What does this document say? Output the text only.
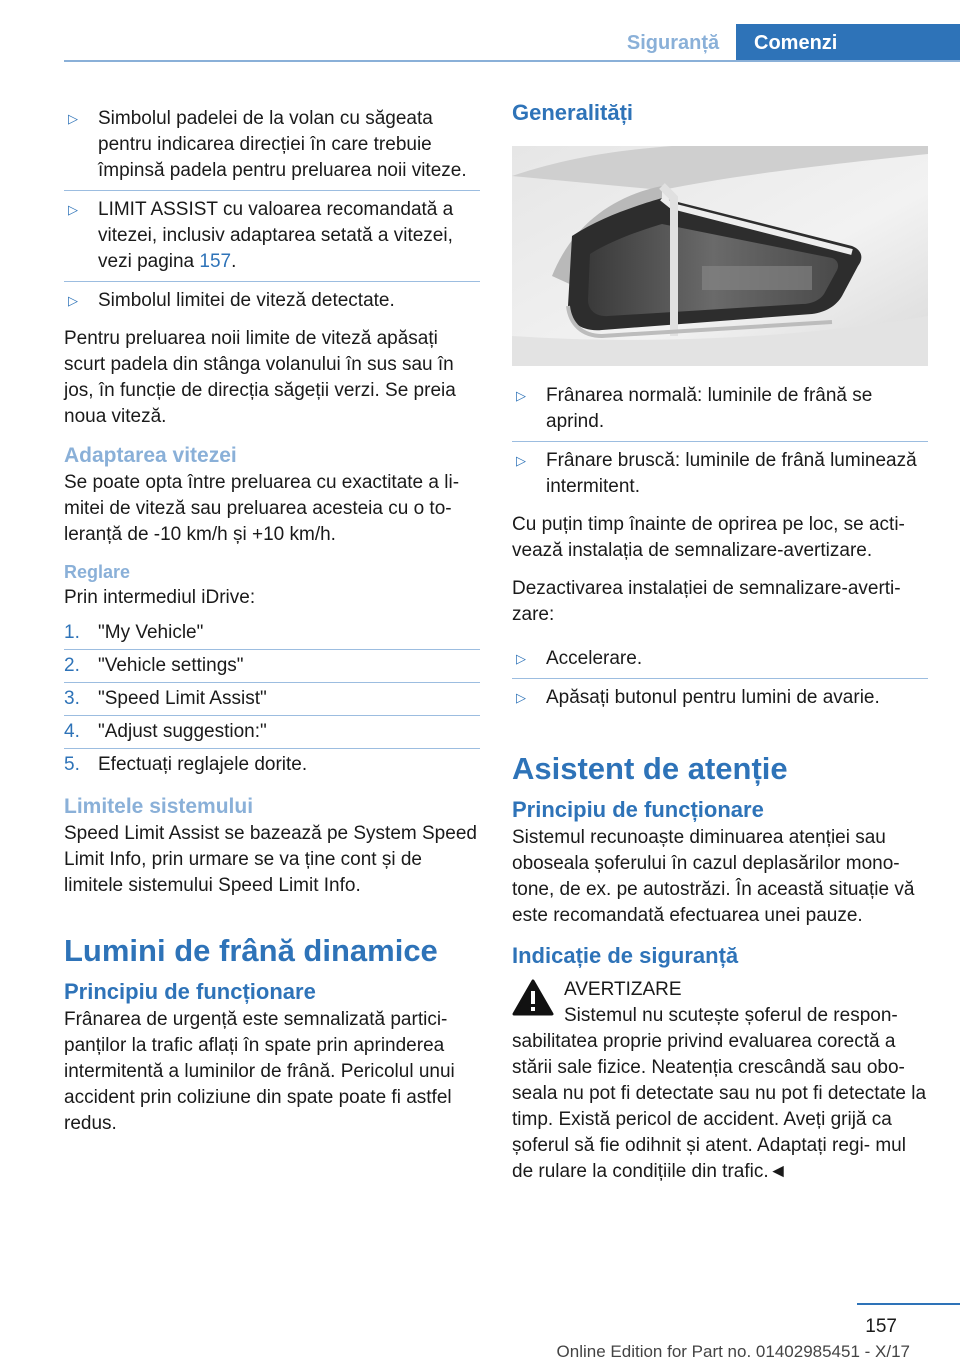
Siguranță	Comenzi
▷ Simbolul padelei de la volan cu săgeata pentru indicarea direcției în care trebuie împinsă padela pentru preluarea noii viteze.
▷ LIMIT ASSIST cu valoarea recomandată a vitezei, inclusiv adaptarea setată a vitezei, vezi pagina 157.
▷ Simbolul limitei de viteză detectate.

Pentru preluarea noii limite de viteză apăsați scurt padela din stânga volanului în sus sau în jos, în funcție de direcția săgeții verzi. Se preia noua viteză.

Adaptarea vitezei

Se poate opta între preluarea cu exactitate a li- mitei de viteză sau preluarea acesteia cu o to- leranță de -10 km/h și +10 km/h.

Reglare

Prin intermediul iDrive:

1. "My Vehicle"
2. "Vehicle settings"
3. "Speed Limit Assist"
4. "Adjust suggestion:"
5. Efectuați reglajele dorite.
Limitele sistemului

Speed Limit Assist se bazează pe System Speed Limit Info, prin urmare se va ține cont și de limitele sistemului Speed Limit Info.

Lumini de frână dinamice
Principiu de funcționare

Frânarea de urgență este semnalizată partici- panților la trafic aflați în spate prin aprinderea intermitentă a luminilor de frână. Pericolul unui accident prin coliziune din spate poate fi astfel redus.

Generalități
▷ Frânarea normală: luminile de frână se aprind.
▷ Frânare bruscă: luminile de frână luminează intermitent.

Cu puțin timp înainte de oprirea pe loc, se acti- vează instalația de semnalizare-avertizare.

Dezactivarea instalației de semnalizare-averti- zare:

▷ Accelerare.
▷ Apăsați butonul pentru lumini de avarie.
Asistent de atenție
Principiu de funcționare

Sistemul recunoaște diminuarea atenției sau oboseala șoferului în cazul deplasărilor mono- tone, de ex. pe autostrăzi. În această situație vă este recomandată efectuarea unei pauze.

Indicație de siguranță

AVERTIZARE

Sistemul nu scutește șoferul de respon-

sabilitatea proprie privind evaluarea corectă a stării sale fizice. Neatenția crescândă sau obo- seala nu pot fi detectate sau nu pot fi detectate la timp. Există pericol de accident. Aveți grijă ca șoferul să fie odihnit și atent. Adaptați regi- mul de rulare la condițiile din trafic.◄

157
Online Edition for Part no. 01402985451 - X/17
